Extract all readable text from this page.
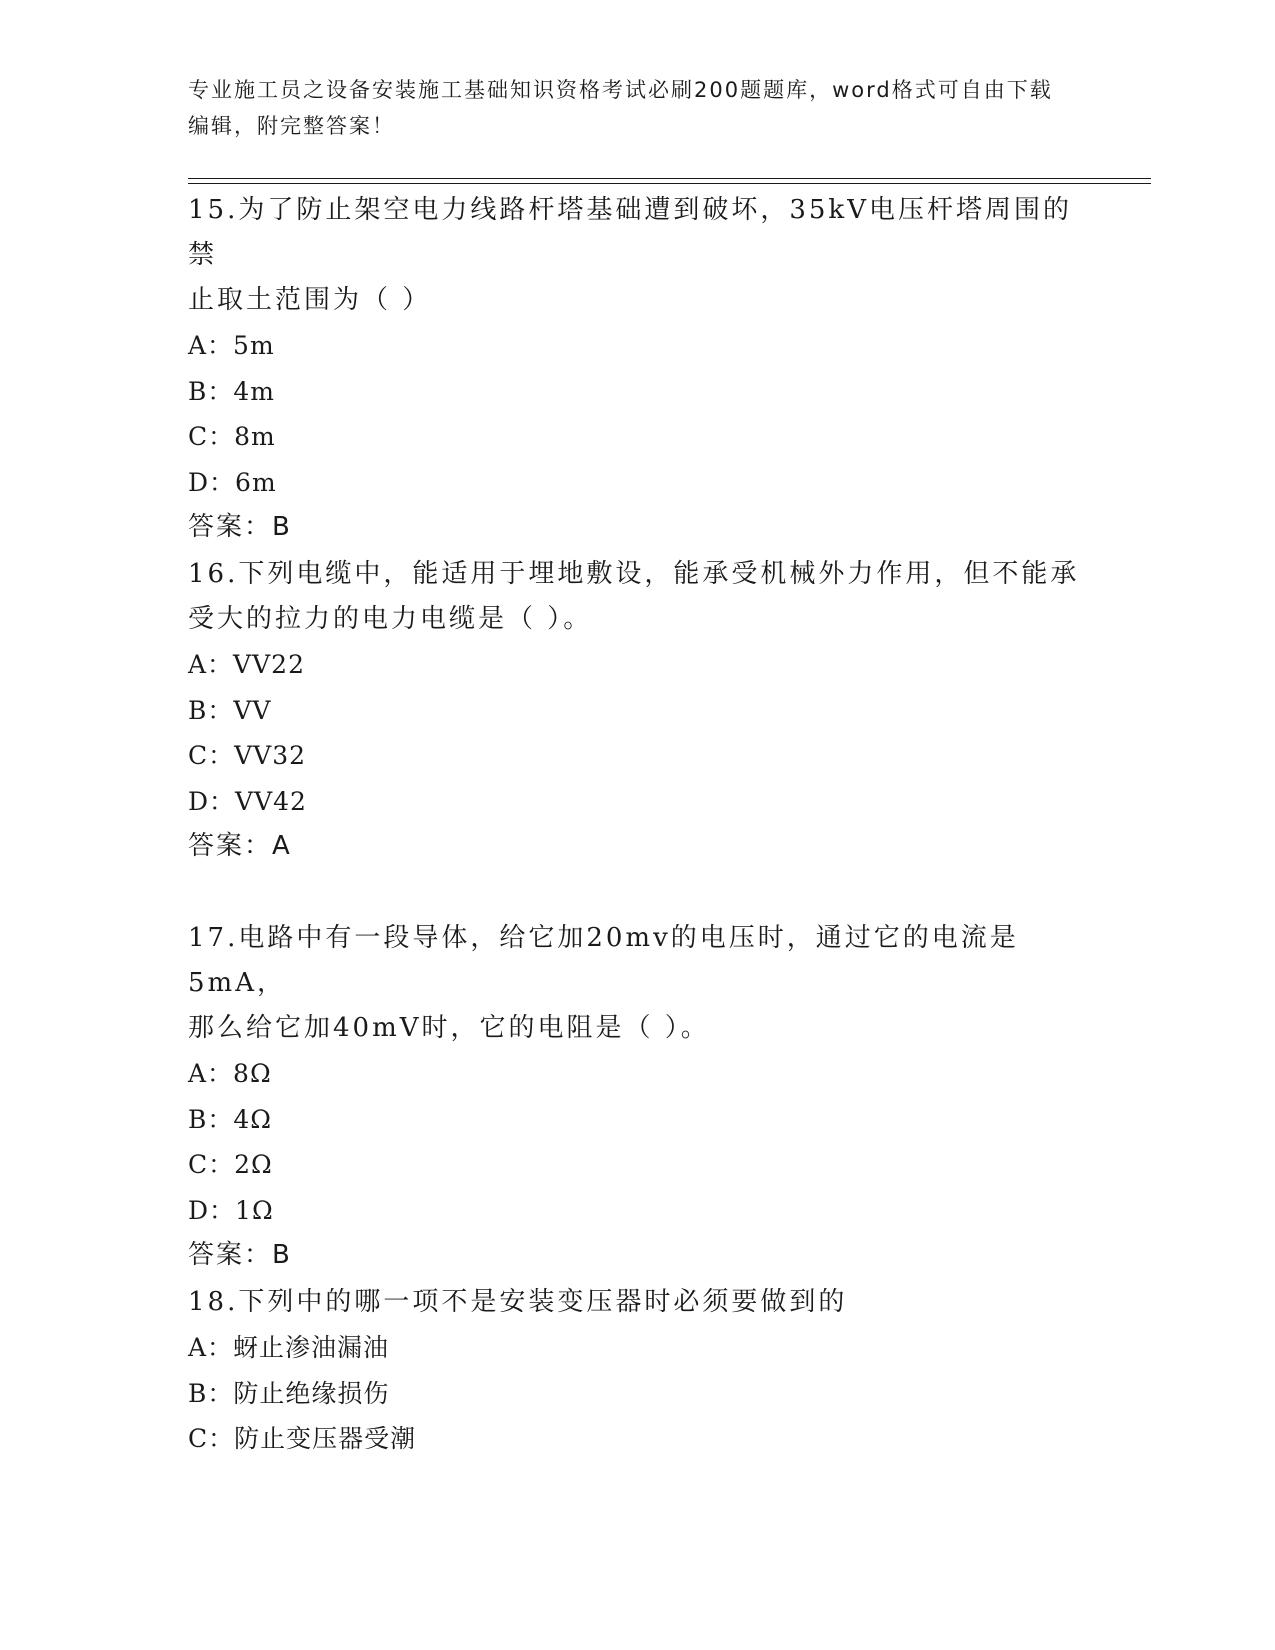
专业施工员之设备安装施工基础知识资格考试必刷200题题库，word格式可自由下载编辑，附完整答案！

15.为了防止架空电力线路杆塔基础遭到破坏，35kV电压杆塔周围的禁

止取土范围为（ ）

A：5m

B：4m

C：8m

D：6m

答案：B

16.下列电缆中，能适用于埋地敷设，能承受机械外力作用，但不能承

受大的拉力的电力电缆是（ ）。

A：VV22

B：VV

C：VV32

D：VV42

答案：A

17.电路中有一段导体，给它加20mv的电压时，通过它的电流是5mA，

那么给它加40mV时，它的电阻是（ ）。

A：8Ω

B：4Ω

C：2Ω

D：1Ω

答案：B

18.下列中的哪一项不是安装变压器时必须要做到的

A：蚜止渗油漏油

B：防止绝缘损伤

C：防止变压器受潮
